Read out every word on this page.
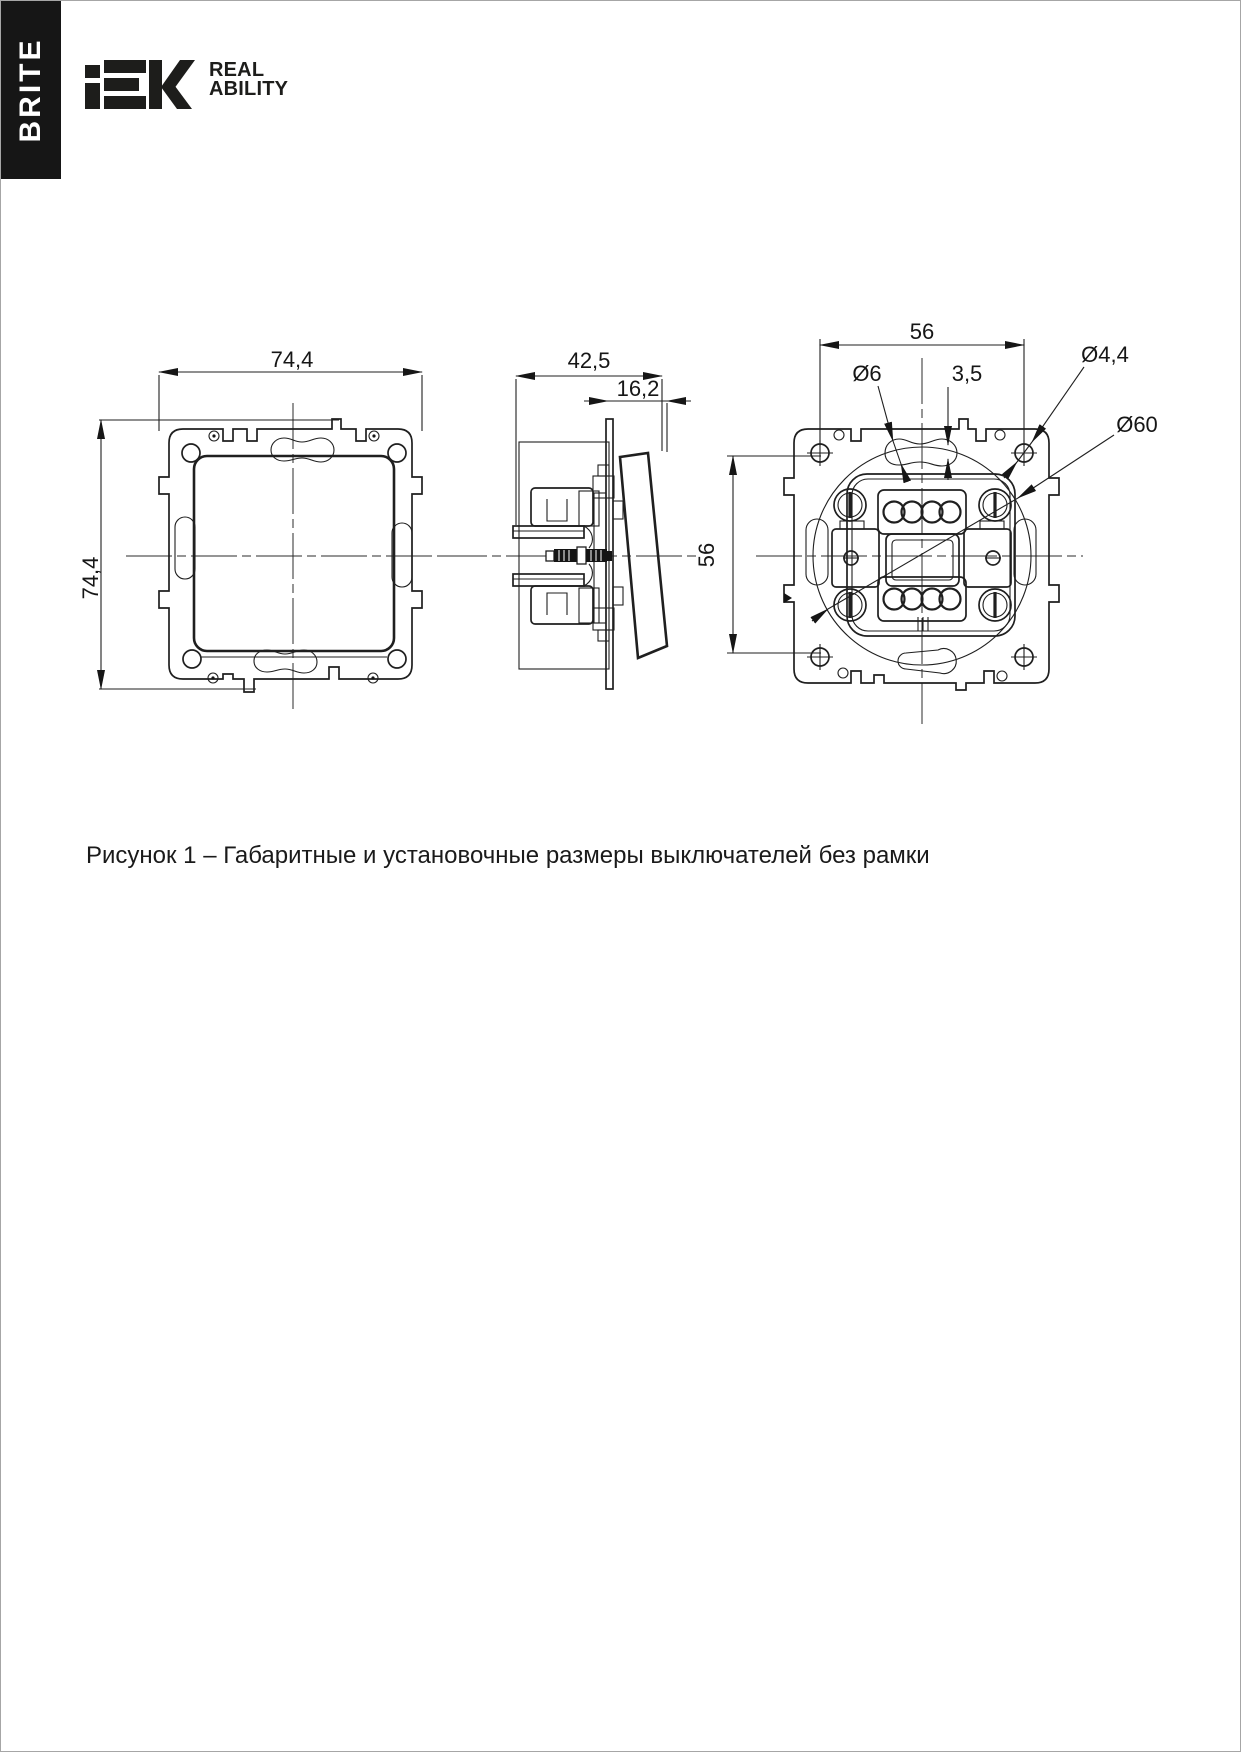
BRITE	REAL
ABILITY
74,4
74,4
42,5
16,2
56
56
Ø6	3,5
Ø4,4
Ø60
Рисунок 1 – Габаритные и установочные размеры выключателей без рамки
